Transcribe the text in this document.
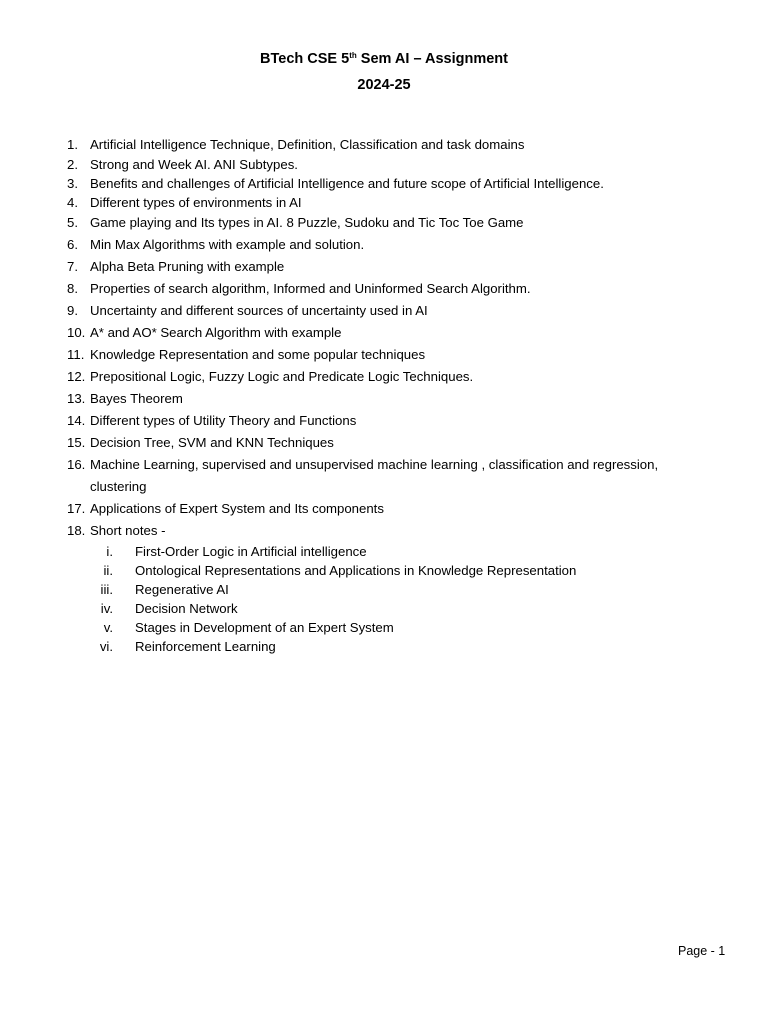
BTech CSE 5th Sem AI – Assignment
2024-25
1. Artificial Intelligence Technique, Definition, Classification and task domains
2. Strong and Week AI. ANI Subtypes.
3. Benefits and challenges of Artificial Intelligence and future scope of Artificial Intelligence.
4. Different types of environments in AI
5. Game playing and Its types in AI. 8 Puzzle, Sudoku and Tic Toc Toe Game
6. Min Max Algorithms with example and solution.
7. Alpha Beta Pruning with example
8. Properties of search algorithm, Informed and Uninformed Search Algorithm.
9. Uncertainty and different sources of uncertainty used in AI
10. A* and AO* Search Algorithm with example
11. Knowledge Representation and some popular techniques
12. Prepositional Logic, Fuzzy Logic and Predicate Logic Techniques.
13. Bayes Theorem
14. Different types of Utility Theory and Functions
15. Decision Tree, SVM and KNN Techniques
16. Machine Learning, supervised and unsupervised machine learning , classification and regression, clustering
17. Applications of Expert System and Its components
18. Short notes -
i. First-Order Logic in Artificial intelligence
ii. Ontological Representations and Applications in Knowledge Representation
iii. Regenerative AI
iv. Decision Network
v. Stages in Development of an Expert System
vi. Reinforcement Learning
Page - 1
